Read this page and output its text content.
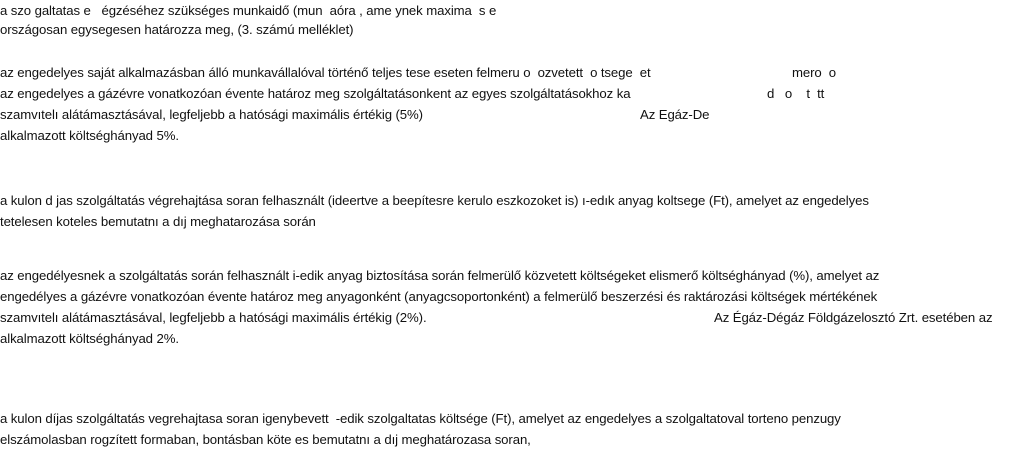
a szo galtatas e   égzéséhez szükséges munkaidő (mun  aóra , ame ynek maxima  s e
országosan egysegesen határozza meg, (3. számú melléklet)
az engedelyes saját alkalmazásban álló munkavállalóval történő teljes tese eseten felmeru o  ozvetett  o tsege  et	mero  o
az engedelyes a gázévre vonatkozóan évente határoz meg szolgáltatásonkent az egyes szolgáltatásokhoz ka	d   o    t  tt
szamvıtelı alátámasztásával, legfeljebb a hatósági maximális értékig (5%)	Az Egáz-De
alkalmazott költséghányad 5%.
a kulon d jas szolgáltatás végrehajtása soran felhasznált (ideertve a beepítesre kerulo eszkozoket is) ı-edık anyag koltsege (Ft), amelyet az engedelyes
tetelesen koteles bemutatnı a dıj meghatarozása során
az engedélyesnek a szolgáltatás során felhasznált i-edik anyag biztosítása során felmerülő közvetett költségeket elismerő költséghányad (%), amelyet az
engedélyes a gázévre vonatkozóan évente határoz meg anyagonként (anyagcsoportonként) a felmerülő beszerzési és raktározási költségek mértékének
szamvıtelı alátámasztásával, legfeljebb a hatósági maximális értékig (2%).	Az Égáz-Dégáz Földgázelosztó Zrt. esetében az
alkalmazott költséghányad 2%.
a kulon díjas szolgáltatás vegrehajtasa soran igenybevett  -edik szolgaltatas költsége (Ft), amelyet az engedelyes a szolgaltatoval torteno penzugy
elszámolasban rogzített formaban, bontásban köte es bemutatnı a dıj meghatározasa soran,
